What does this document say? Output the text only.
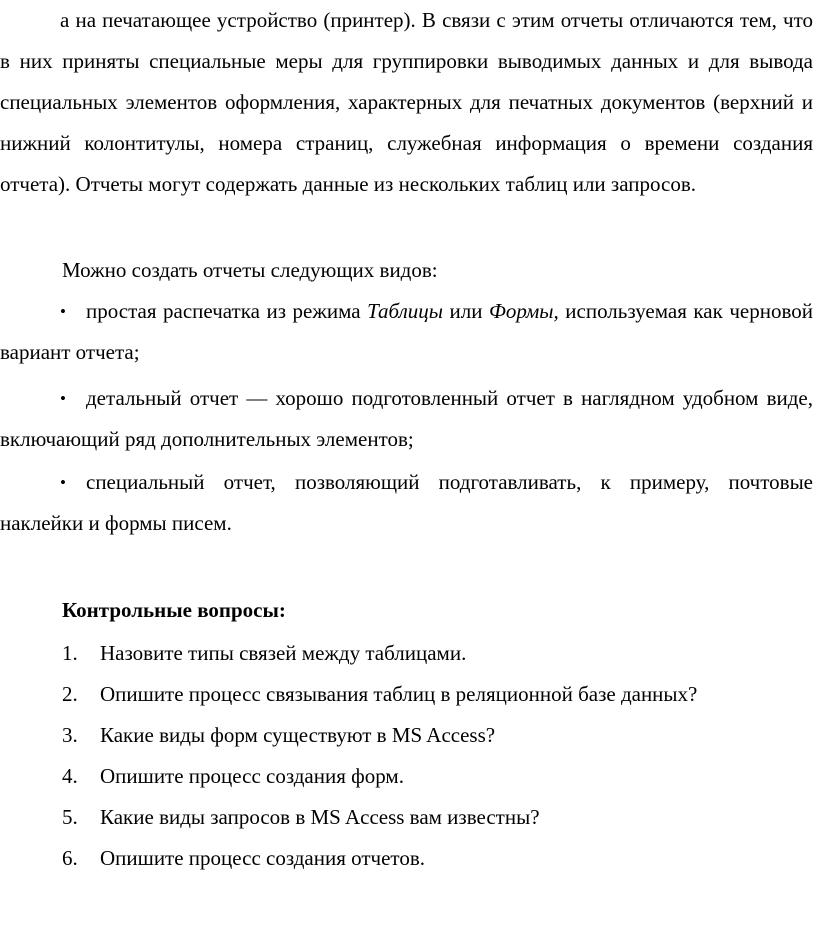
а на печатающее устройство (принтер). В связи с этим отчеты отличаются тем, что в них приняты специальные меры для группировки выводимых данных и для вывода специальных элементов оформления, характерных для печатных документов (верхний и нижний колонтитулы, номера страниц, служебная информация о времени создания отчета). Отчеты могут содержать данные из нескольких таблиц или запросов.

Можно создать отчеты следующих видов:

• простая распечатка из режима Таблицы или Формы, используемая как черновой вариант отчета;

• детальный отчет — хорошо подготовленный отчет в наглядном удобном виде, включающий ряд дополнительных элементов;

• специальный отчет, позволяющий подготавливать, к примеру, почтовые наклейки и формы писем.

Контрольные вопросы:

1. Назовите типы связей между таблицами.
2. Опишите процесс связывания таблиц в реляционной базе данных?
3. Какие виды форм существуют в MS Access?
4. Опишите процесс создания форм.
5. Какие виды запросов в MS Access вам известны?
6. Опишите процесс создания отчетов.
